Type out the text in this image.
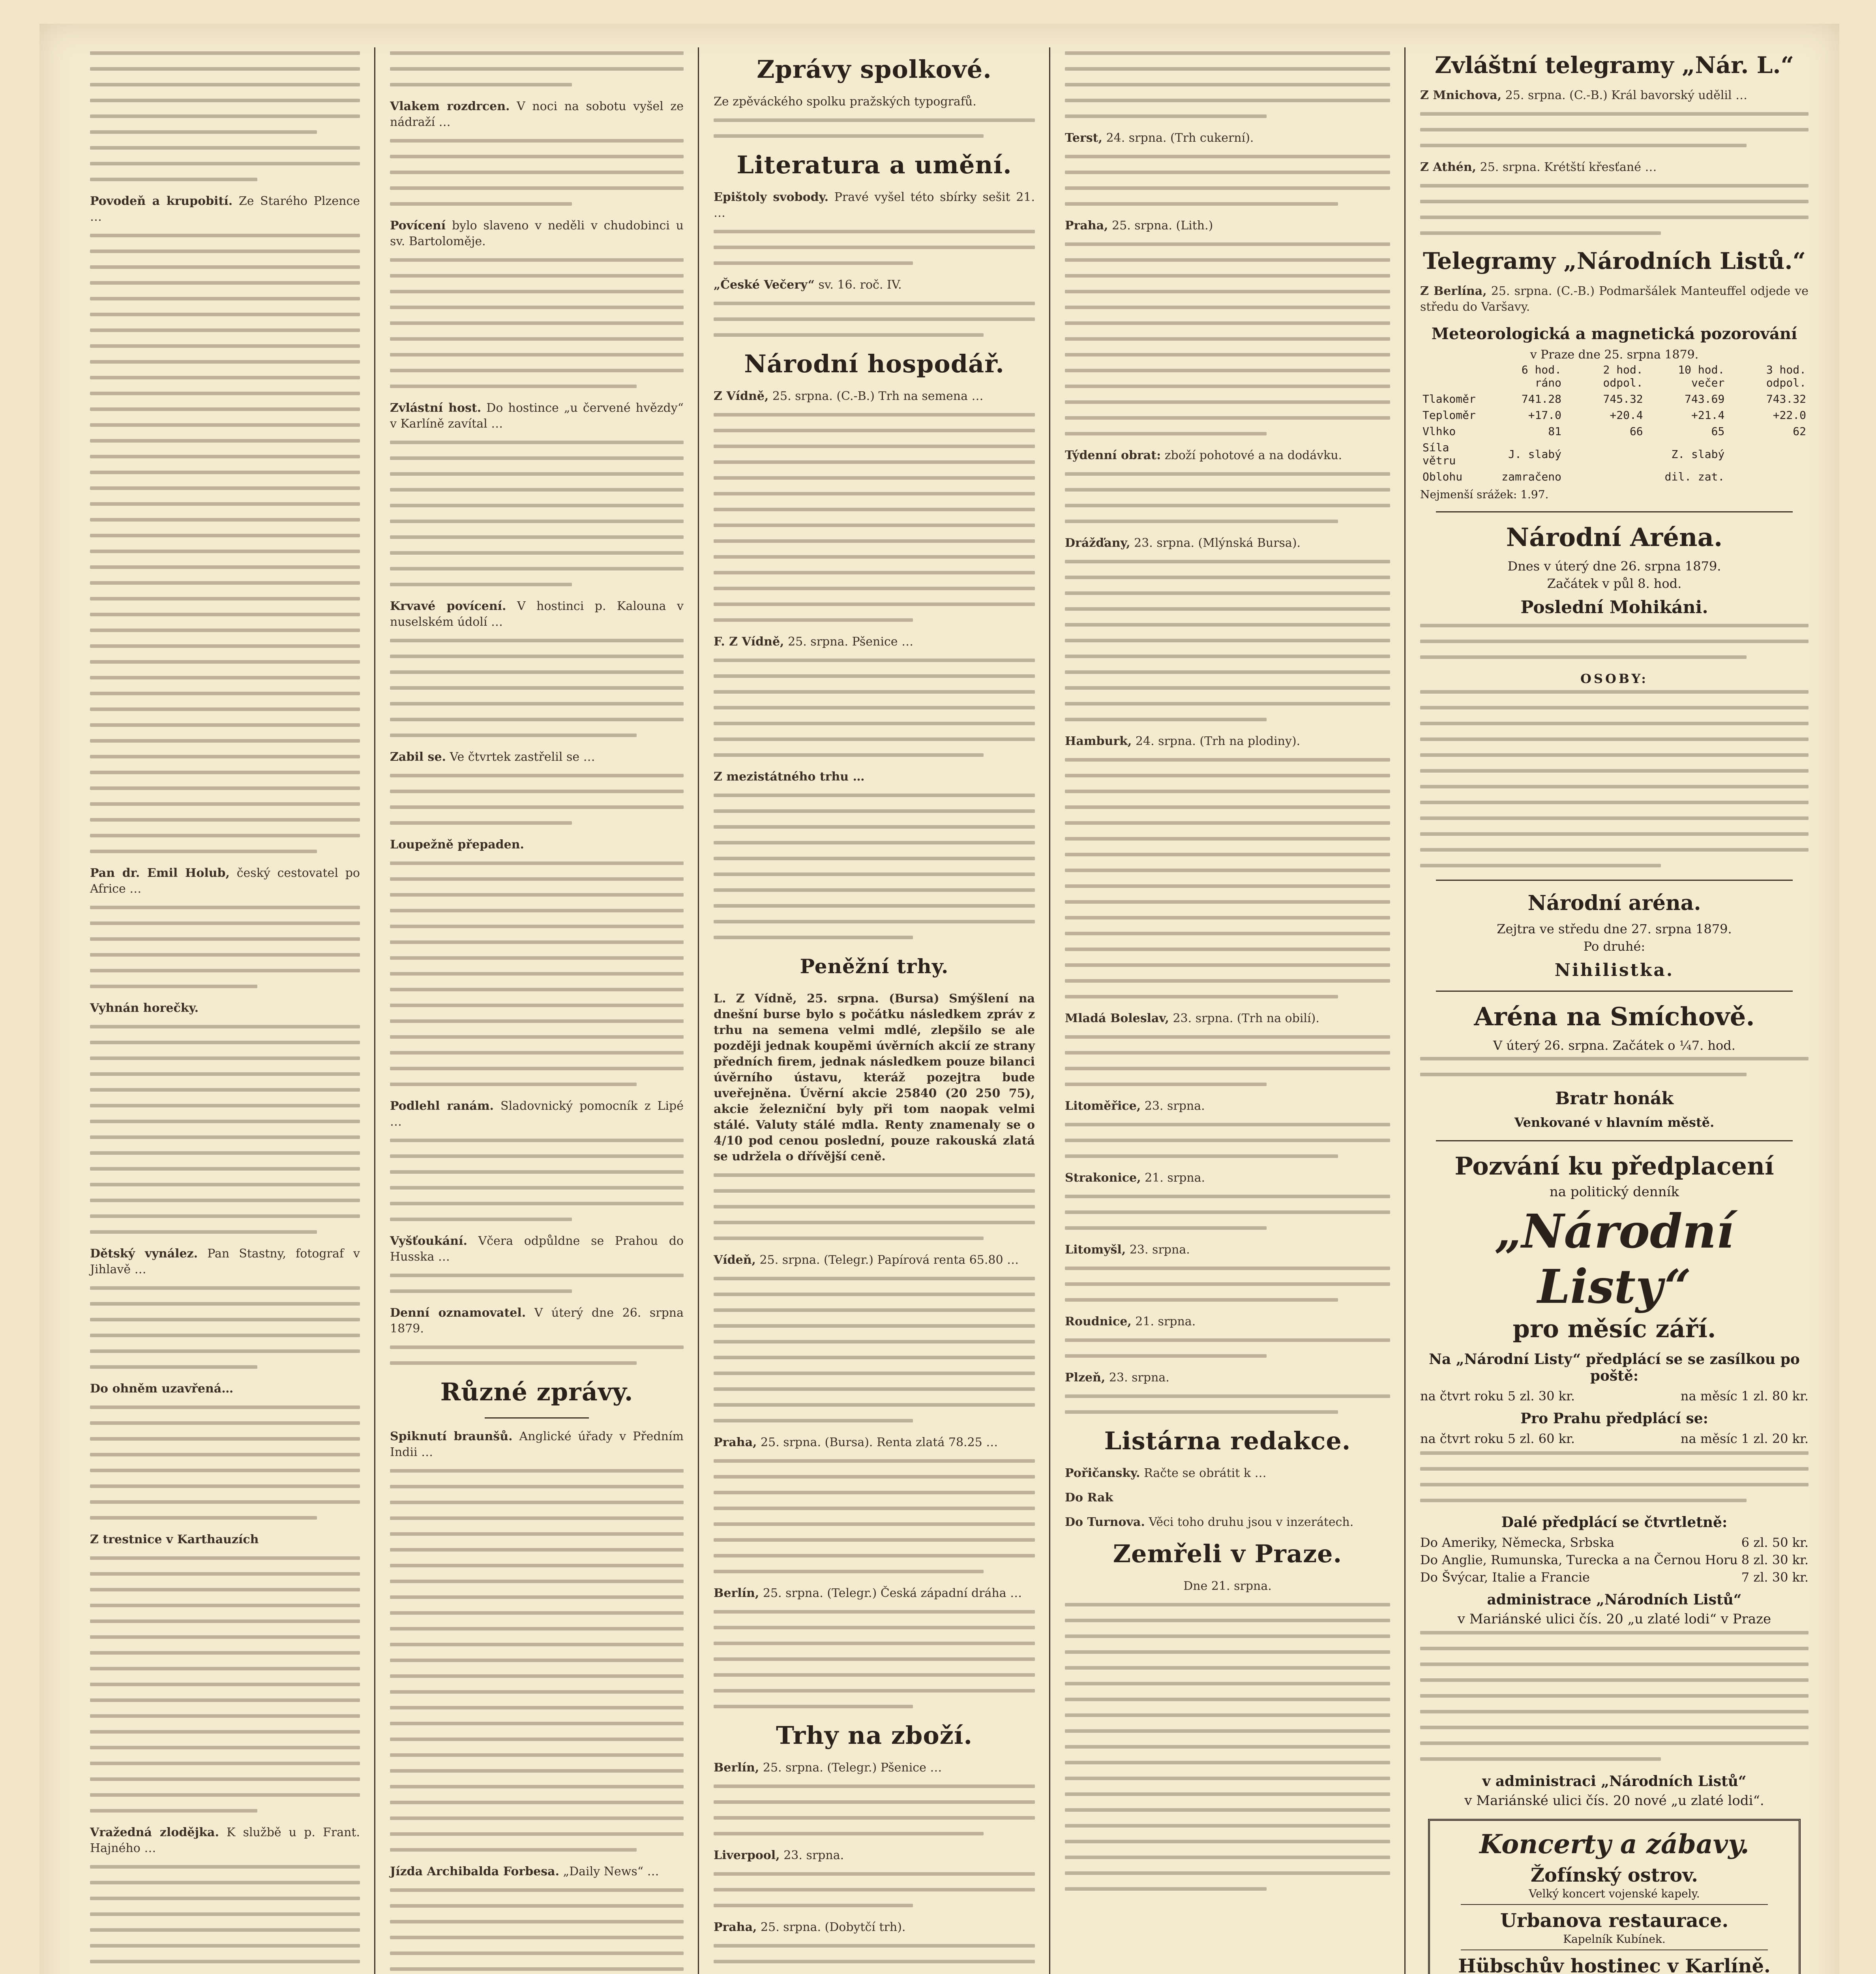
Povodeň a krupobití. Ze Starého Plzence …

Pan dr. Emil Holub, český cestovatel po Africe …

Vyhnán horečky.

Dětský vynález. Pan Stastny, fotograf v Jihlavě …

Do ohněm uzavřená…

Z trestnice v Karthauzích

Vražedná zlodějka. K službě u p. Frant. Hajného …

Vlakem rozdrcen. V noci na sobotu vyšel ze nádraží …

Povícení bylo slaveno v neděli v chudobinci u sv. Bartoloměje.

Zvlástní host. Do hostince „u červené hvězdy“ v Karlíně zavítal …

Krvavé povícení. V hostinci p. Kalouna v nuselském údolí …

Zabil se. Ve čtvrtek zastřelil se …

Loupežně přepaden.

Podlehl ranám. Sladovnický pomocník z Lipé …

Vyšťoukání. Včera odpůldne se Prahou do Husska …

Denní oznamovatel. V úterý dne 26. srpna 1879.

Různé zprávy.

Spiknutí braunšů. Anglické úřady v Předním Indii …

Jízda Archibalda Forbesa. „Daily News“ …

Zprávy spolkové.

Ze zpěváckého spolku pražských typografů.

Literatura a umění.

Epištoly svobody. Pravé vyšel této sbírky sešit 21. …

„České Večery“ sv. 16. roč. IV.

Národní hospodář.

Z Vídně, 25. srpna. (C.-B.) Trh na semena …

F. Z Vídně, 25. srpna. Pšenice …

Z mezistátného trhu …

Peněžní trhy.

L. Z Vídně, 25. srpna. (Bursa) Smýšlení na dnešní burse bylo s počátku následkem zpráv z trhu na semena velmi mdlé, zlepšilo se ale později jednak koupěmi úvěrních akcií ze strany předních firem, jednak následkem pouze bilanci úvěrního ústavu, kteráž pozejtra bude uveřejněna. Úvěrní akcie 25840 (20 250 75), akcie železniční byly při tom naopak velmi stálé. Valuty stálé mdla. Renty znamenaly se o 4/10 pod cenou poslední, pouze rakouská zlatá se udržela o dřívější ceně.

Vídeň, 25. srpna. (Telegr.) Papírová renta 65.80 …

Praha, 25. srpna. (Bursa). Renta zlatá 78.25 …

Berlín, 25. srpna. (Telegr.) Česká západní dráha …

Trhy na zboží.

Berlín, 25. srpna. (Telegr.) Pšenice …

Liverpool, 23. srpna.

Praha, 25. srpna. (Dobytčí trh).

Terst, 24. srpna. (Trh cukerní).

Praha, 25. srpna. (Lith.)

Týdenní obrat: zboží pohotové a na dodávku.

Drážďany, 23. srpna. (Mlýnská Bursa).

Hamburk, 24. srpna. (Trh na plodiny).

Mladá Boleslav, 23. srpna. (Trh na obilí).

Litoměřice, 23. srpna.

Strakonice, 21. srpna.

Litomyšl, 23. srpna.

Roudnice, 21. srpna.

Plzeň, 23. srpna.

Listárna redakce.

Pořičansky. Račte se obrátit k …

Do Rak

Do Turnova. Věci toho druhu jsou v inzerátech.

Zemřeli v Praze.

Dne 21. srpna.

Zvláštní telegramy „Nár. L.“

Z Mnichova, 25. srpna. (C.-B.) Král bavorský udělil …

Z Athén, 25. srpna. Krétští křesťané …

Telegramy „Národních Listů.“

Z Berlína, 25. srpna. (C.-B.) Podmaršálek Manteuffel odjede ve středu do Varšavy.

Meteorologická a magnetická pozorování
v Praze dne 25. srpna 1879.
	6 hod. ráno	2 hod. odpol.	10 hod. večer	3 hod. odpol.
Tlakoměr	741.28	745.32	743.69	743.32
Teploměr	+17.0	+20.4	+21.4	+22.0
Vlhko	81	66	65	62
Síla větru	J. slabý		Z. slabý	
Oblohu	zamračeno		dil. zat.	
Nejmenší srážek: 1.97.
Národní Aréna.
Dnes v úterý dne 26. srpna 1879.
Začátek v půl 8. hod.
Poslední Mohikáni.
OSOBY:
Národní aréna.
Zejtra ve středu dne 27. srpna 1879.
Po druhé:
Nihilistka.
Aréna na Smíchově.
V úterý 26. srpna. Začátek o ¼7. hod.
Bratr honák
Venkované v hlavním městě.
Pozvání ku předplacení
na politický denník
„Národní Listy“
pro měsíc září.
Na „Národní Listy“ předplácí se se zasílkou po poště:
na čtvrt roku 5 zl. 30 kr.	na měsíc 1 zl. 80 kr.
Pro Prahu předplácí se:
na čtvrt roku 5 zl. 60 kr.	na měsíc 1 zl. 20 kr.
Dalé předplácí se čtvrtletně:
Do Ameriky, Německa, Srbska	6 zl. 50 kr.
Do Anglie, Rumunska, Turecka a na Černou Horu 8 zl. 30 kr.
Do Švýcar, Italie a Francie	7 zl. 30 kr.
administrace „Národních Listů“
v Mariánské ulici čís. 20 „u zlaté lodi“ v Praze
v administraci „Národních Listů“
v Mariánské ulici čís. 20 nové „u zlaté lodi“.
Koncerty a zábavy.
Žofínský ostrov.
Velký koncert vojenské kapely.
Urbanova restaurace.
Kapelník Kubínek.
Hübschův hostinec v Karlíně.
